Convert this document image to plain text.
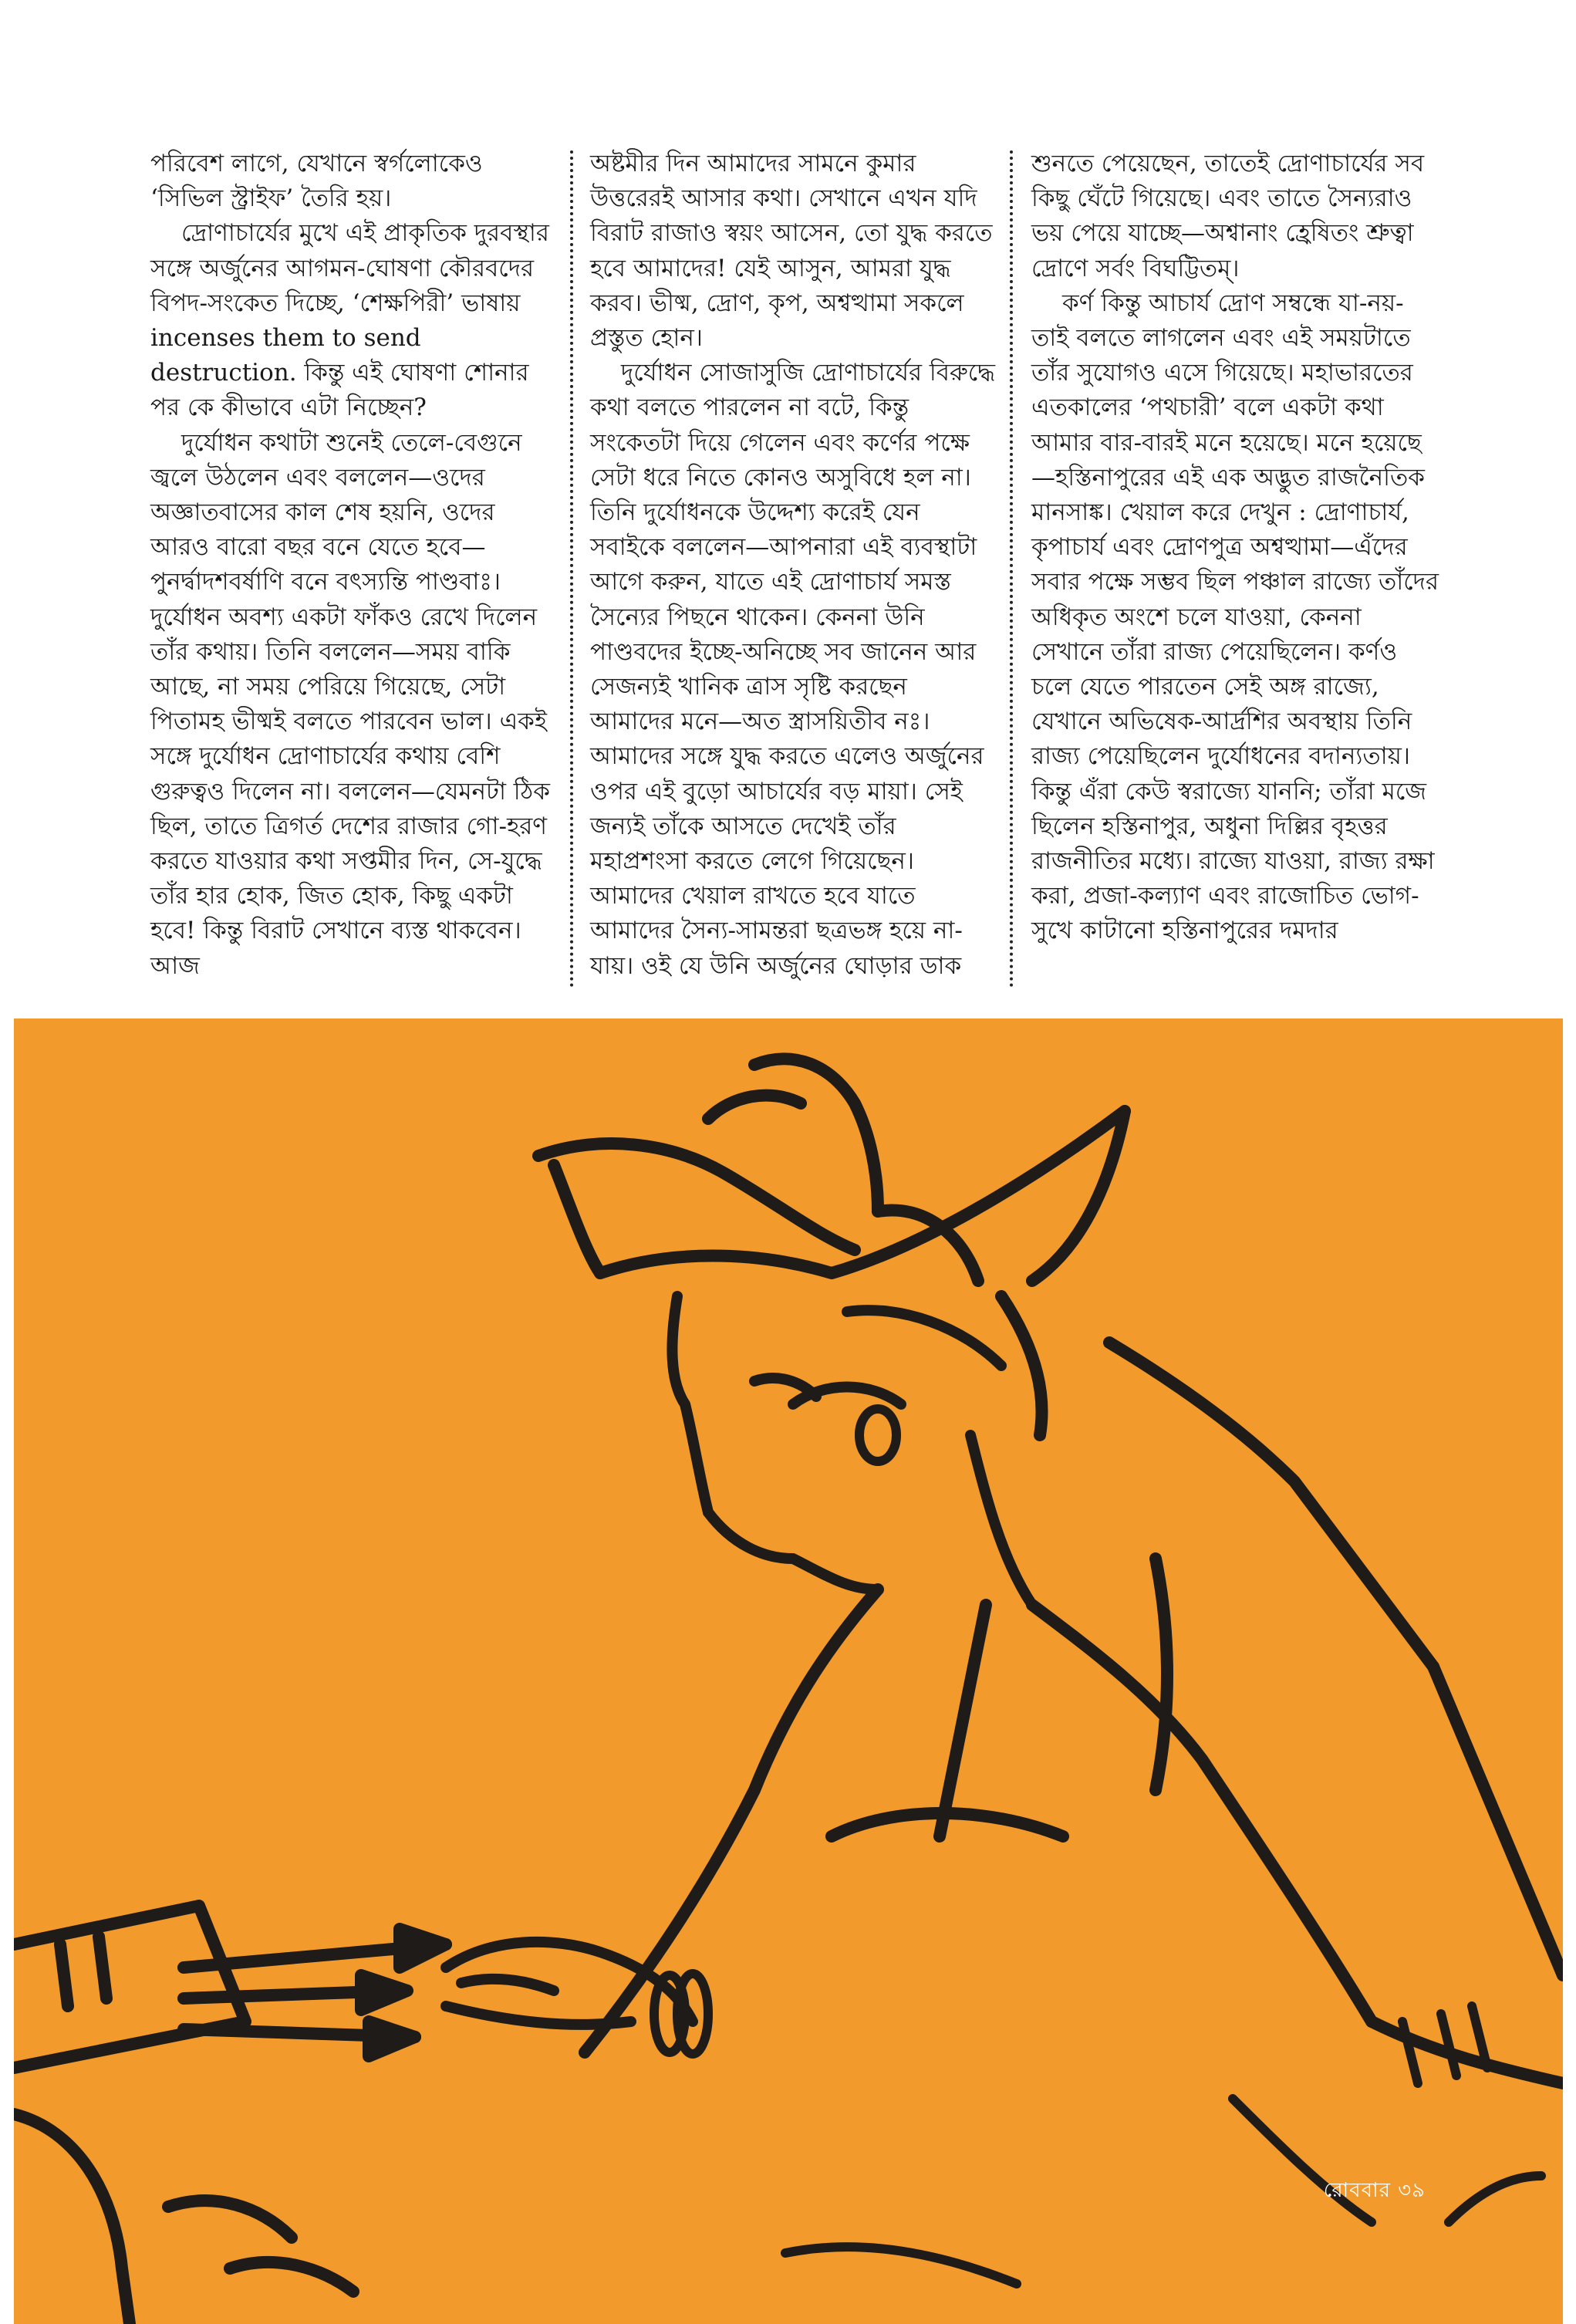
পরিবেশ লাগে, যেখানে স্বর্গলোকেও ‘সিভিল স্ট্রাইফ’ তৈরি হয়।

দ্রোণাচার্যের মুখে এই প্রাকৃতিক দুরবস্থার সঙ্গে অর্জুনের আগমন-ঘোষণা কৌরবদের বিপদ-সংকেত দিচ্ছে, ‘শেক্ষপিরী’ ভাষায় incenses them to send destruction. কিন্তু এই ঘোষণা শোনার পর কে কীভাবে এটা নিচ্ছেন?

দুর্যোধন কথাটা শুনেই তেলে-বেগুনে জ্বলে উঠলেন এবং বললেন—ওদের অজ্ঞাতবাসের কাল শেষ হয়নি, ওদের আরও বারো বছর বনে যেতে হবে—পুনর্দ্বাদশবর্ষাণি বনে বৎস্যন্তি পাণ্ডবাঃ। দুর্যোধন অবশ্য একটা ফাঁকও রেখে দিলেন তাঁর কথায়। তিনি বললেন—সময় বাকি আছে, না সময় পেরিয়ে গিয়েছে, সেটা পিতামহ ভীষ্মই বলতে পারবেন ভাল। একই সঙ্গে দুর্যোধন দ্রোণাচার্যের কথায় বেশি গুরুত্বও দিলেন না। বললেন—যেমনটা ঠিক ছিল, তাতে ত্রিগর্ত দেশের রাজার গো-হরণ করতে যাওয়ার কথা সপ্তমীর দিন, সে-যুদ্ধে তাঁর হার হোক, জিত হোক, কিছু একটা হবে! কিন্তু বিরাট সেখানে ব্যস্ত থাকবেন। আজ

অষ্টমীর দিন আমাদের সামনে কুমার উত্তরেরই আসার কথা। সেখানে এখন যদি বিরাট রাজাও স্বয়ং আসেন, তো যুদ্ধ করতে হবে আমাদের! যেই আসুন, আমরা যুদ্ধ করব। ভীষ্ম, দ্রোণ, কৃপ, অশ্বত্থামা সকলে প্রস্তুত হোন।

দুর্যোধন সোজাসুজি দ্রোণাচার্যের বিরুদ্ধে কথা বলতে পারলেন না বটে, কিন্তু সংকেতটা দিয়ে গেলেন এবং কর্ণের পক্ষে সেটা ধরে নিতে কোনও অসুবিধে হল না। তিনি দুর্যোধনকে উদ্দেশ্য করেই যেন সবাইকে বললেন—আপনারা এই ব্যবস্থাটা আগে করুন, যাতে এই দ্রোণাচার্য সমস্ত সৈন্যের পিছনে থাকেন। কেননা উনি পাণ্ডবদের ইচ্ছে-অনিচ্ছে সব জানেন আর সেজন্যই খানিক ত্রাস সৃষ্টি করছেন আমাদের মনে—অত স্ত্রাসয়িতীব নঃ। আমাদের সঙ্গে যুদ্ধ করতে এলেও অর্জুনের ওপর এই বুড়ো আচার্যের বড় মায়া। সেই জন্যই তাঁকে আসতে দেখেই তাঁর মহাপ্রশংসা করতে লেগে গিয়েছেন। আমাদের খেয়াল রাখতে হবে যাতে আমাদের সৈন্য-সামন্তরা ছত্রভঙ্গ হয়ে না-যায়। ওই যে উনি অর্জুনের ঘোড়ার ডাক

শুনতে পেয়েছেন, তাতেই দ্রোণাচার্যের সব কিছু ঘেঁটে গিয়েছে। এবং তাতে সৈন্যরাও ভয় পেয়ে যাচ্ছে—অশ্বানাং হ্রেষিতং শ্রুত্বা দ্রোণে সর্বং বিঘট্টিতম্।

কর্ণ কিন্তু আচার্য দ্রোণ সম্বন্ধে যা-নয়-তাই বলতে লাগলেন এবং এই সময়টাতে তাঁর সুযোগও এসে গিয়েছে। মহাভারতের এতকালের ‘পথচারী’ বলে একটা কথা আমার বার-বারই মনে হয়েছে। মনে হয়েছে—হস্তিনাপুরের এই এক অদ্ভুত রাজনৈতিক মানসাঙ্ক। খেয়াল করে দেখুন : দ্রোণাচার্য, কৃপাচার্য এবং দ্রোণপুত্র অশ্বত্থামা—এঁদের সবার পক্ষে সম্ভব ছিল পঞ্চাল রাজ্যে তাঁদের অধিকৃত অংশে চলে যাওয়া, কেননা সেখানে তাঁরা রাজ্য পেয়েছিলেন। কর্ণও চলে যেতে পারতেন সেই অঙ্গ রাজ্যে, যেখানে অভিষেক-আর্দ্রশির অবস্থায় তিনি রাজ্য পেয়েছিলেন দুর্যোধনের বদান্যতায়। কিন্তু এঁরা কেউ স্বরাজ্যে যাননি; তাঁরা মজে ছিলেন হস্তিনাপুর, অধুনা দিল্লির বৃহত্তর রাজনীতির মধ্যে। রাজ্যে যাওয়া, রাজ্য রক্ষা করা, প্রজা-কল্যাণ এবং রাজোচিত ভোগ-সুখে কাটানো হস্তিনাপুরের দমদার

রোববার ৩৯
